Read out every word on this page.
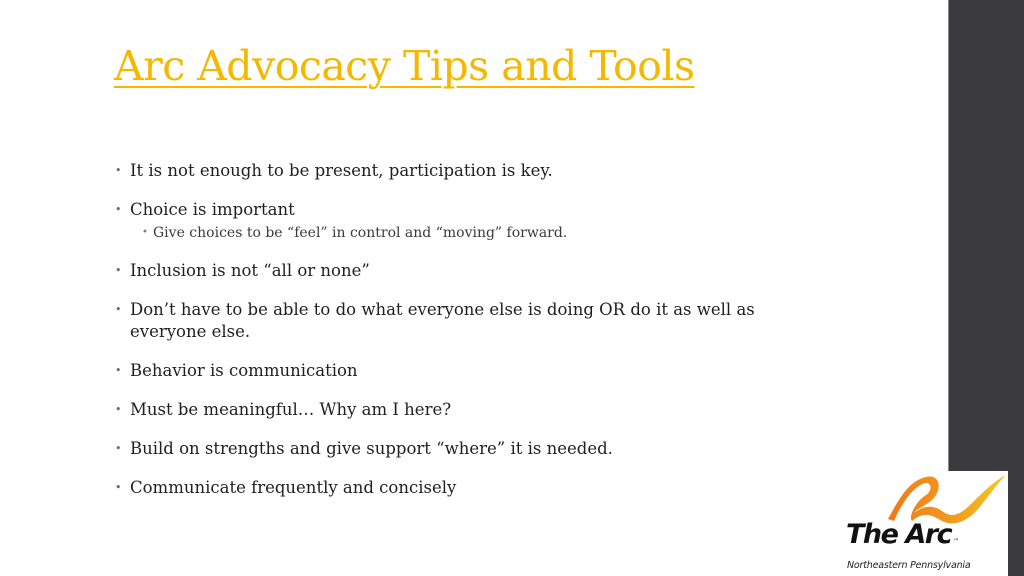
Arc Advocacy Tips and Tools
• It is not enough to be present, participation is key.
• Choice is important
• Give choices to be “feel” in control and “moving” forward.
• Inclusion is not “all or none”
• Don’t have to be able to do what everyone else is doing OR do it as well as everyone else.
• Behavior is communication
• Must be meaningful… Why am I here?
• Build on strengths and give support “where” it is needed.
• Communicate frequently and concisely
The Arc ™
Northeastern Pennsylvania
